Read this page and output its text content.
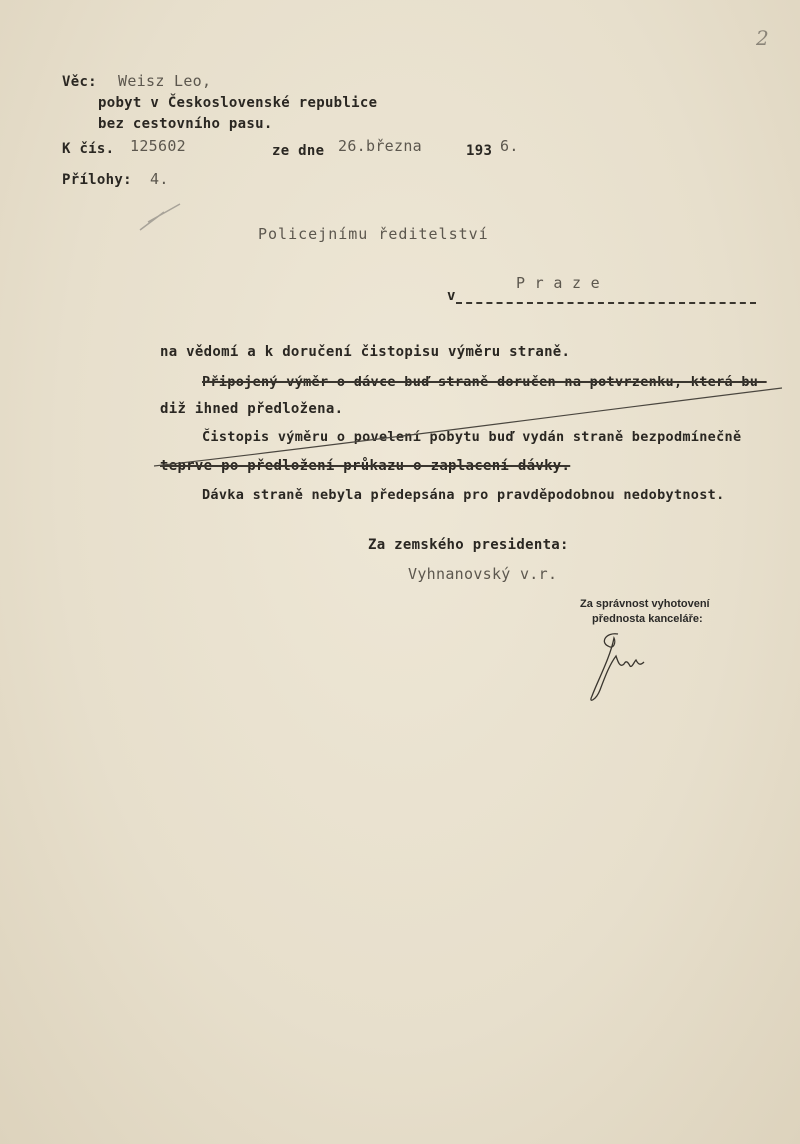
2
Věc: Weisz Leo,
pobyt v Československé republice
bez cestovního pasu.
K čís. 125602	ze dne 26.března	193 6.
Přílohy: 4.
Policejnímu ředitelství
P r a z e
v
na vědomí a k doručení čistopisu výměru straně.
Připojený výměr o dávce buď straně doručen na potvrzenku, která bu-
diž ihned předložena.
Čistopis výměru o povelení pobytu buď vydán straně bezpodmínečně
teprve po předložení průkazu o zaplacení dávky.
Dávka straně nebyla předepsána pro pravděpodobnou nedobytnost.
Za zemského presidenta:
Vyhnanovský v.r.
Za správnost vyhotovení
přednosta kanceláře:
